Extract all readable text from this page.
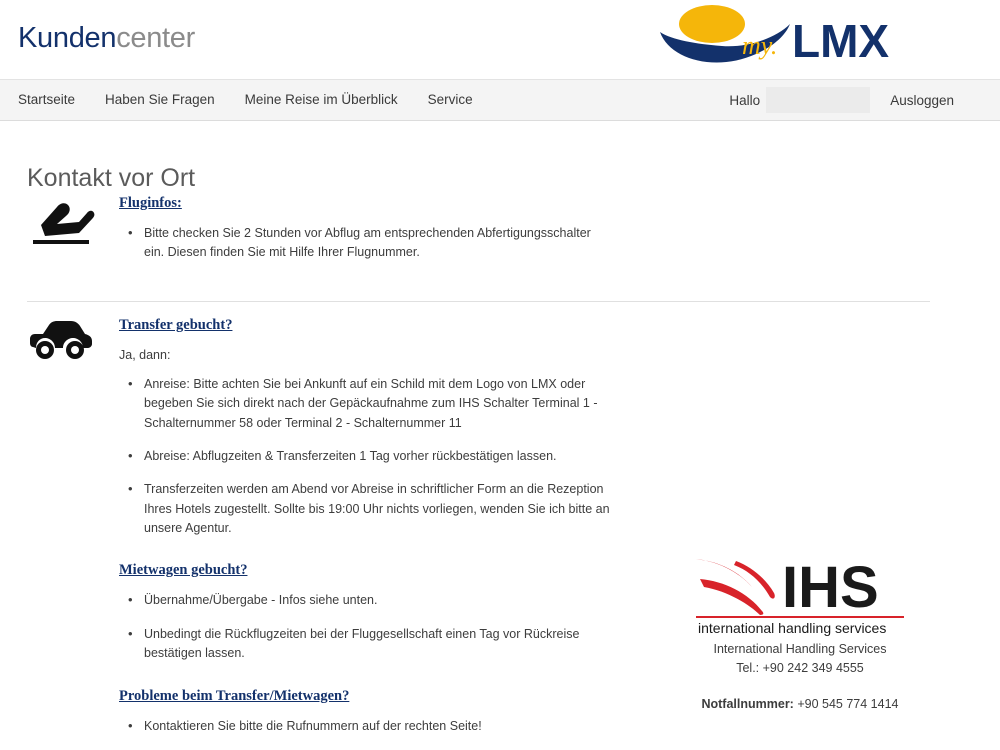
Kundencenter	my. LMX
Startseite	Haben Sie Fragen	Meine Reise im Überblick	Service	Hallo	Ausloggen
Kontakt vor Ort
Fluginfos:
• Bitte checken Sie 2 Stunden vor Abflug am entsprechenden Abfertigungsschalter ein. Diesen finden Sie mit Hilfe Ihrer Flugnummer.
Transfer gebucht?

Ja, dann:

• Anreise: Bitte achten Sie bei Ankunft auf ein Schild mit dem Logo von LMX oder begeben Sie sich direkt nach der Gepäckaufnahme zum IHS Schalter Terminal 1 - Schalternummer 58 oder Terminal 2 - Schalternummer 11
• Abreise: Abflugzeiten & Transferzeiten 1 Tag vorher rückbestätigen lassen.
• Transferzeiten werden am Abend vor Abreise in schriftlicher Form an die Rezeption Ihres Hotels zugestellt. Sollte bis 19:00 Uhr nichts vorliegen, wenden Sie ich bitte an unsere Agentur.
Mietwagen gebucht?
• Übernahme/Übergabe - Infos siehe unten.
• Unbedingt die Rückflugzeiten bei der Fluggesellschaft einen Tag vor Rückreise bestätigen lassen.
Probleme beim Transfer/Mietwagen?
• Kontaktieren Sie bitte die Rufnummern auf der rechten Seite!
IHS
international handling services
International Handling Services
Tel.: +90 242 349 4555
Notfallnummer: +90 545 774 1414
